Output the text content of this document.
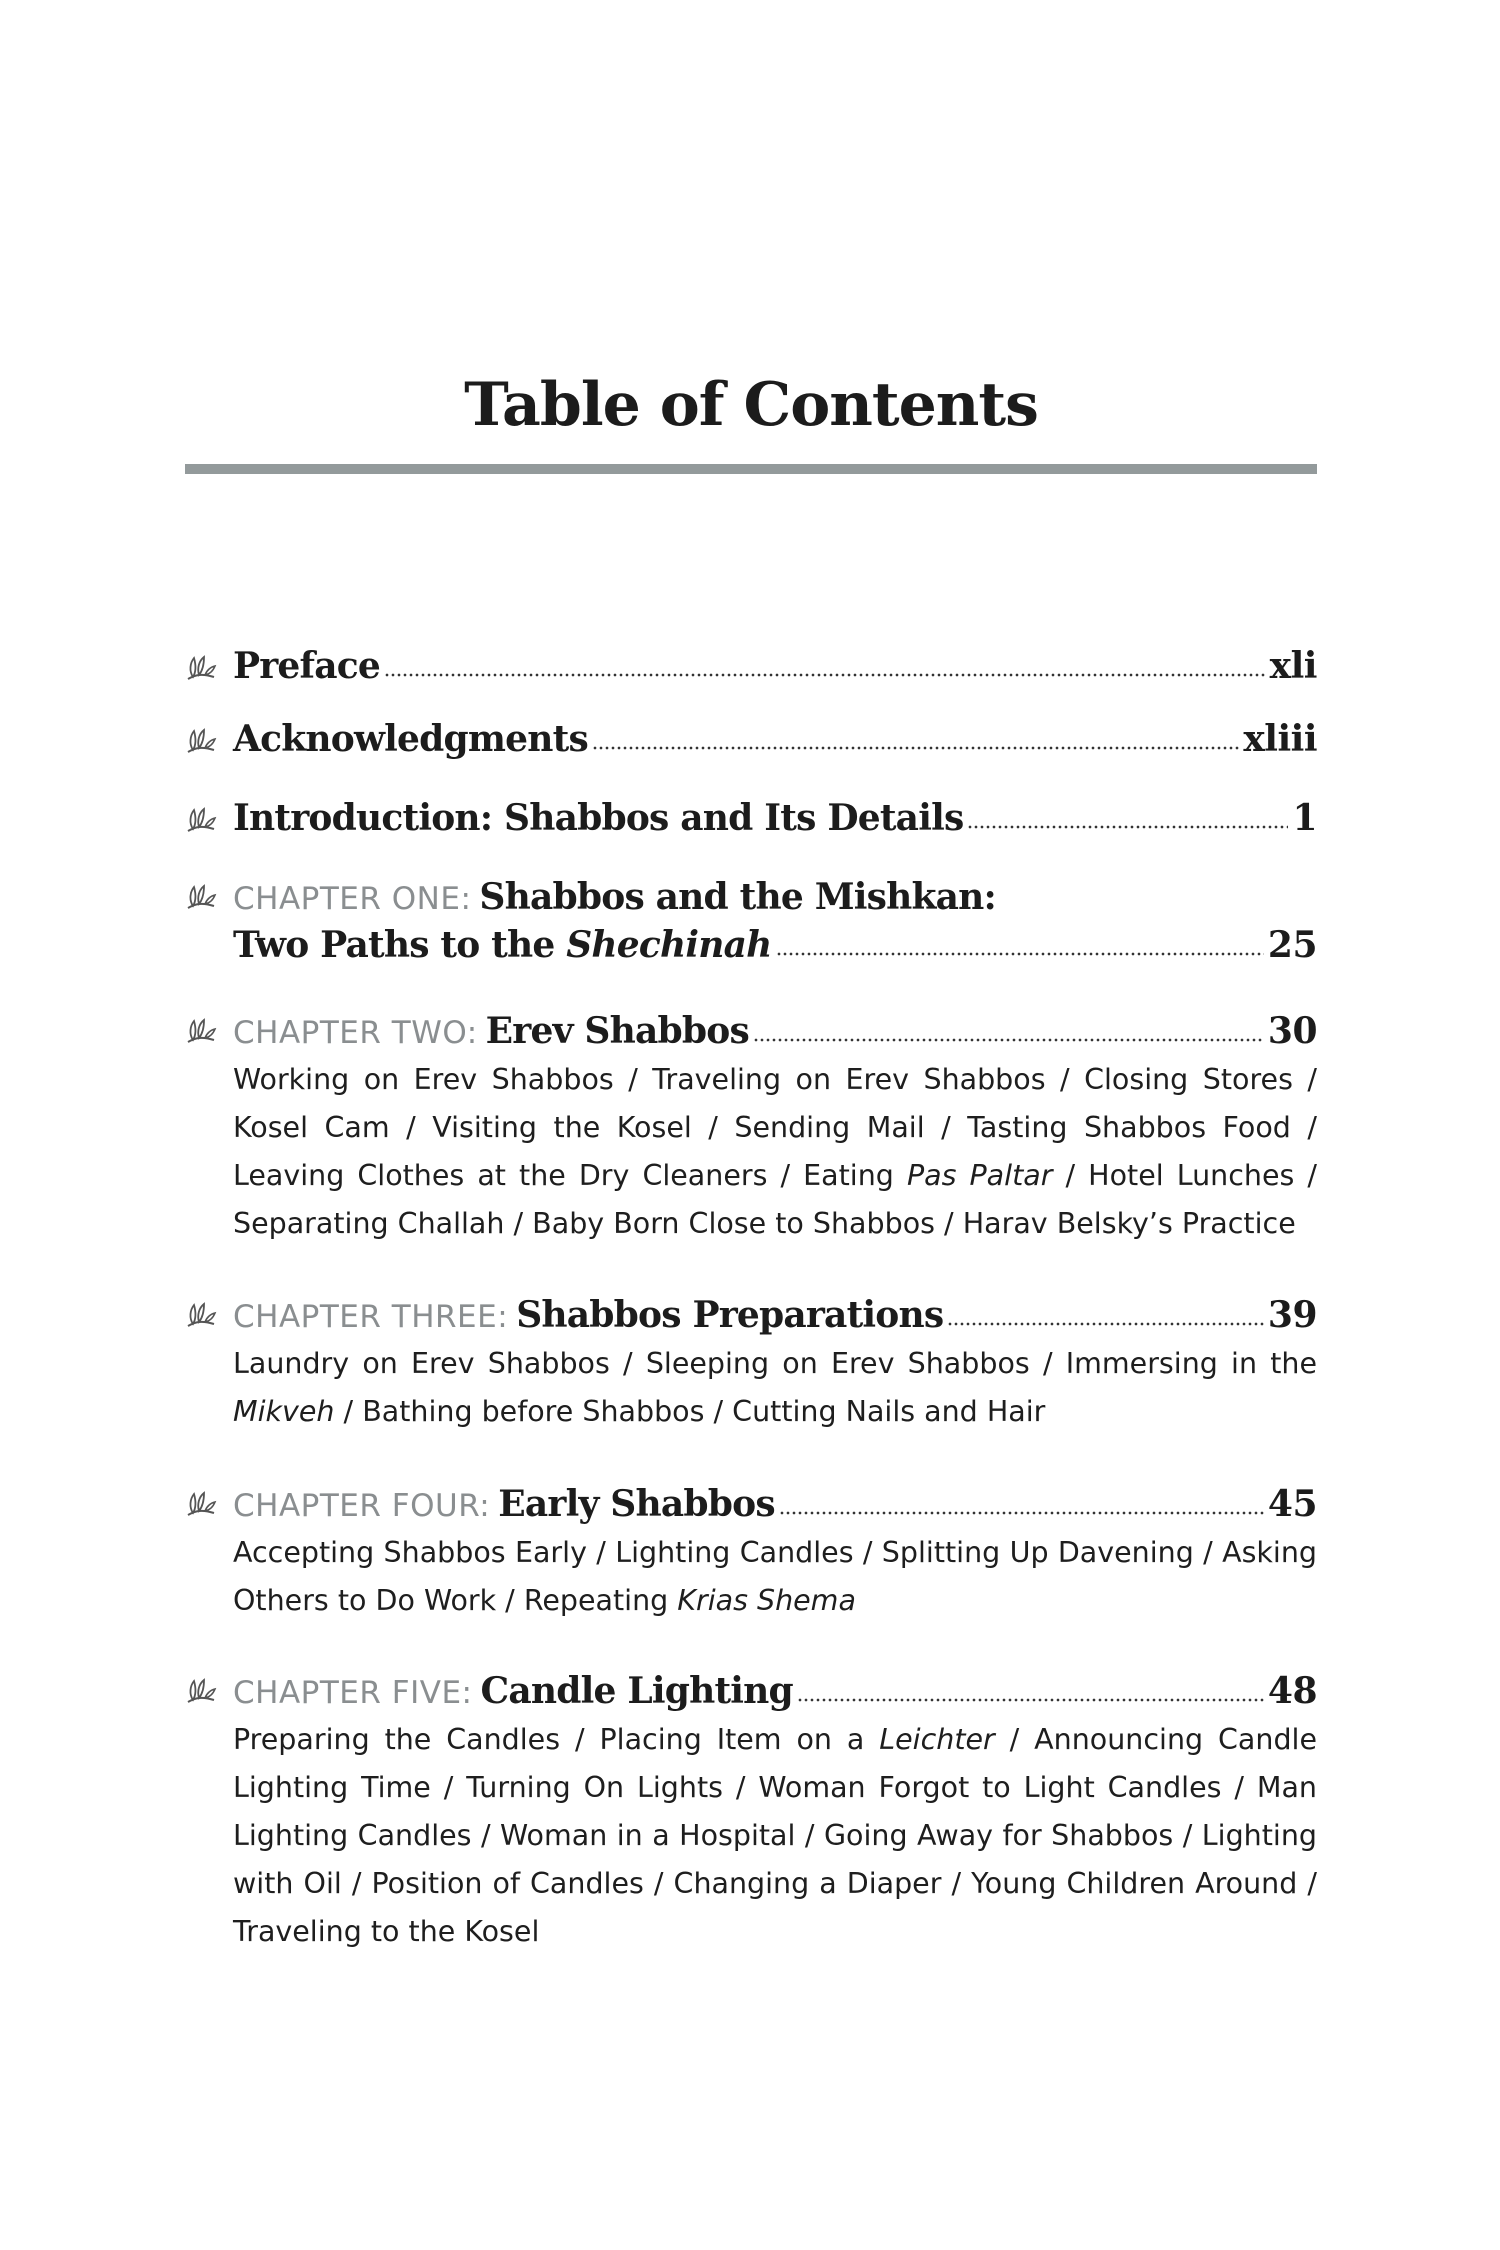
Table of Contents
Preface	xli
Acknowledgments	xliii
Introduction: Shabbos and Its Details	1
CHAPTER ONE: Shabbos and the Mishkan:
Two Paths to the Shechinah	25
CHAPTER TWO: Erev Shabbos	30
Working on Erev Shabbos / Traveling on Erev Shabbos / Closing Stores / Kosel Cam / Visiting the Kosel / Sending Mail / Tasting Shabbos Food / Leaving Clothes at the Dry Cleaners / Eating Pas Paltar / Hotel Lunches / Separating Challah / Baby Born Close to Shabbos / Harav Belsky’s Practice
CHAPTER THREE: Shabbos Preparations	39
Laundry on Erev Shabbos / Sleeping on Erev Shabbos / Immersing in the Mikveh / Bathing before Shabbos / Cutting Nails and Hair
CHAPTER FOUR: Early Shabbos	45
Accepting Shabbos Early / Lighting Candles / Splitting Up Davening / Asking Others to Do Work / Repeating Krias Shema
CHAPTER FIVE: Candle Lighting	48
Preparing the Candles / Placing Item on a Leichter / Announcing Candle Lighting Time / Turning On Lights / Woman Forgot to Light Candles / Man Lighting Candles / Woman in a Hospital / Going Away for Shabbos / Lighting with Oil / Position of Candles / Changing a Diaper / Young Children Around / Traveling to the Kosel
